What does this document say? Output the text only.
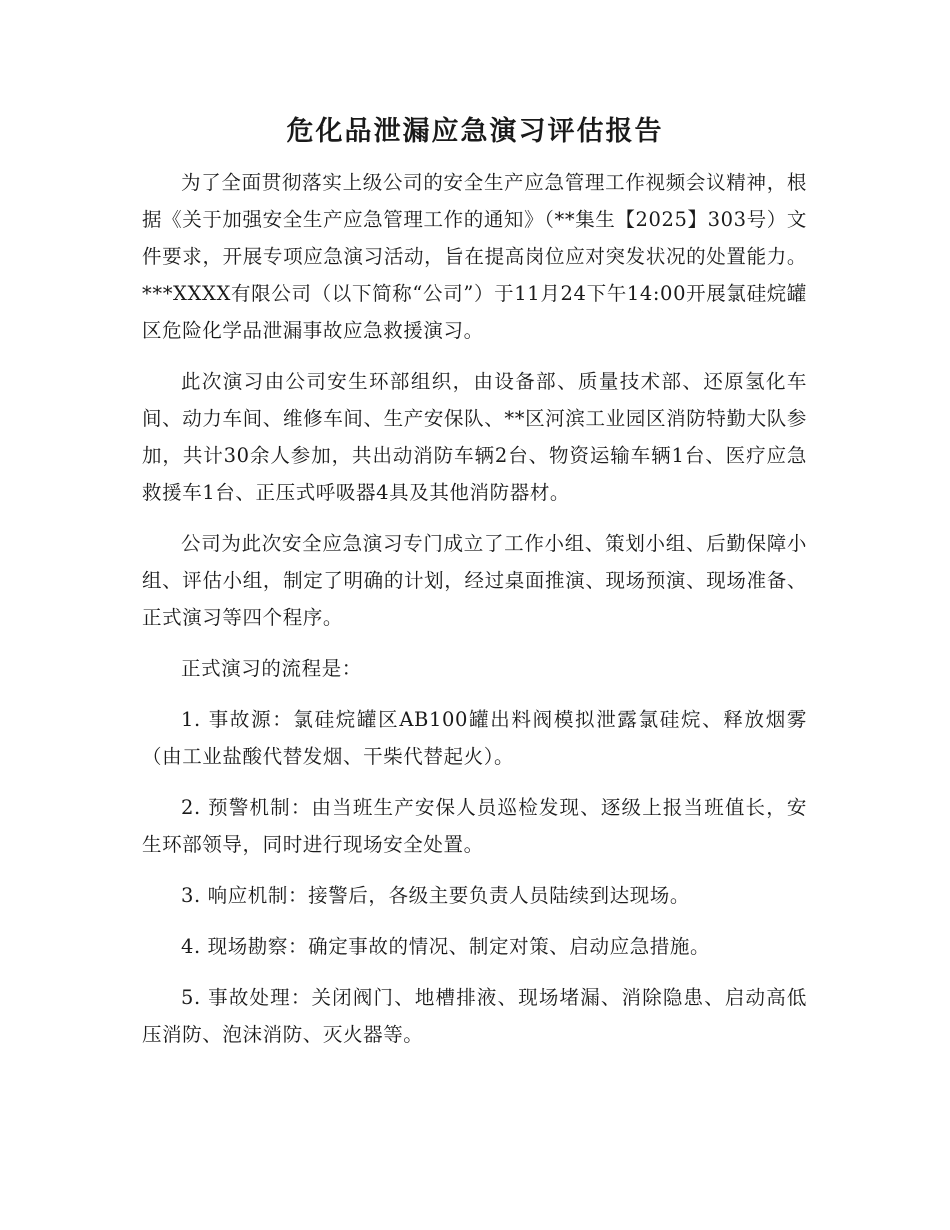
危化品泄漏应急演习评估报告

为了全面贯彻落实上级公司的安全生产应急管理工作视频会议精神，根据《关于加强安全生产应急管理工作的通知》（**集生【2025】303号）文件要求，开展专项应急演习活动，旨在提高岗位应对突发状况的处置能力。***XXXX有限公司（以下简称“公司”）于11月24下午14:00开展氯硅烷罐区危险化学品泄漏事故应急救援演习。

此次演习由公司安生环部组织，由设备部、质量技术部、还原氢化车间、动力车间、维修车间、生产安保队、**区河滨工业园区消防特勤大队参加，共计30余人参加，共出动消防车辆2台、物资运输车辆1台、医疗应急救援车1台、正压式呼吸器4具及其他消防器材。

公司为此次安全应急演习专门成立了工作小组、策划小组、后勤保障小组、评估小组，制定了明确的计划，经过桌面推演、现场预演、现场准备、正式演习等四个程序。

正式演习的流程是：

1. 事故源：氯硅烷罐区AB100罐出料阀模拟泄露氯硅烷、释放烟雾（由工业盐酸代替发烟、干柴代替起火）。

2. 预警机制：由当班生产安保人员巡检发现、逐级上报当班值长，安生环部领导，同时进行现场安全处置。

3. 响应机制：接警后，各级主要负责人员陆续到达现场。

4. 现场勘察：确定事故的情况、制定对策、启动应急措施。

5. 事故处理：关闭阀门、地槽排液、现场堵漏、消除隐患、启动高低压消防、泡沫消防、灭火器等。
